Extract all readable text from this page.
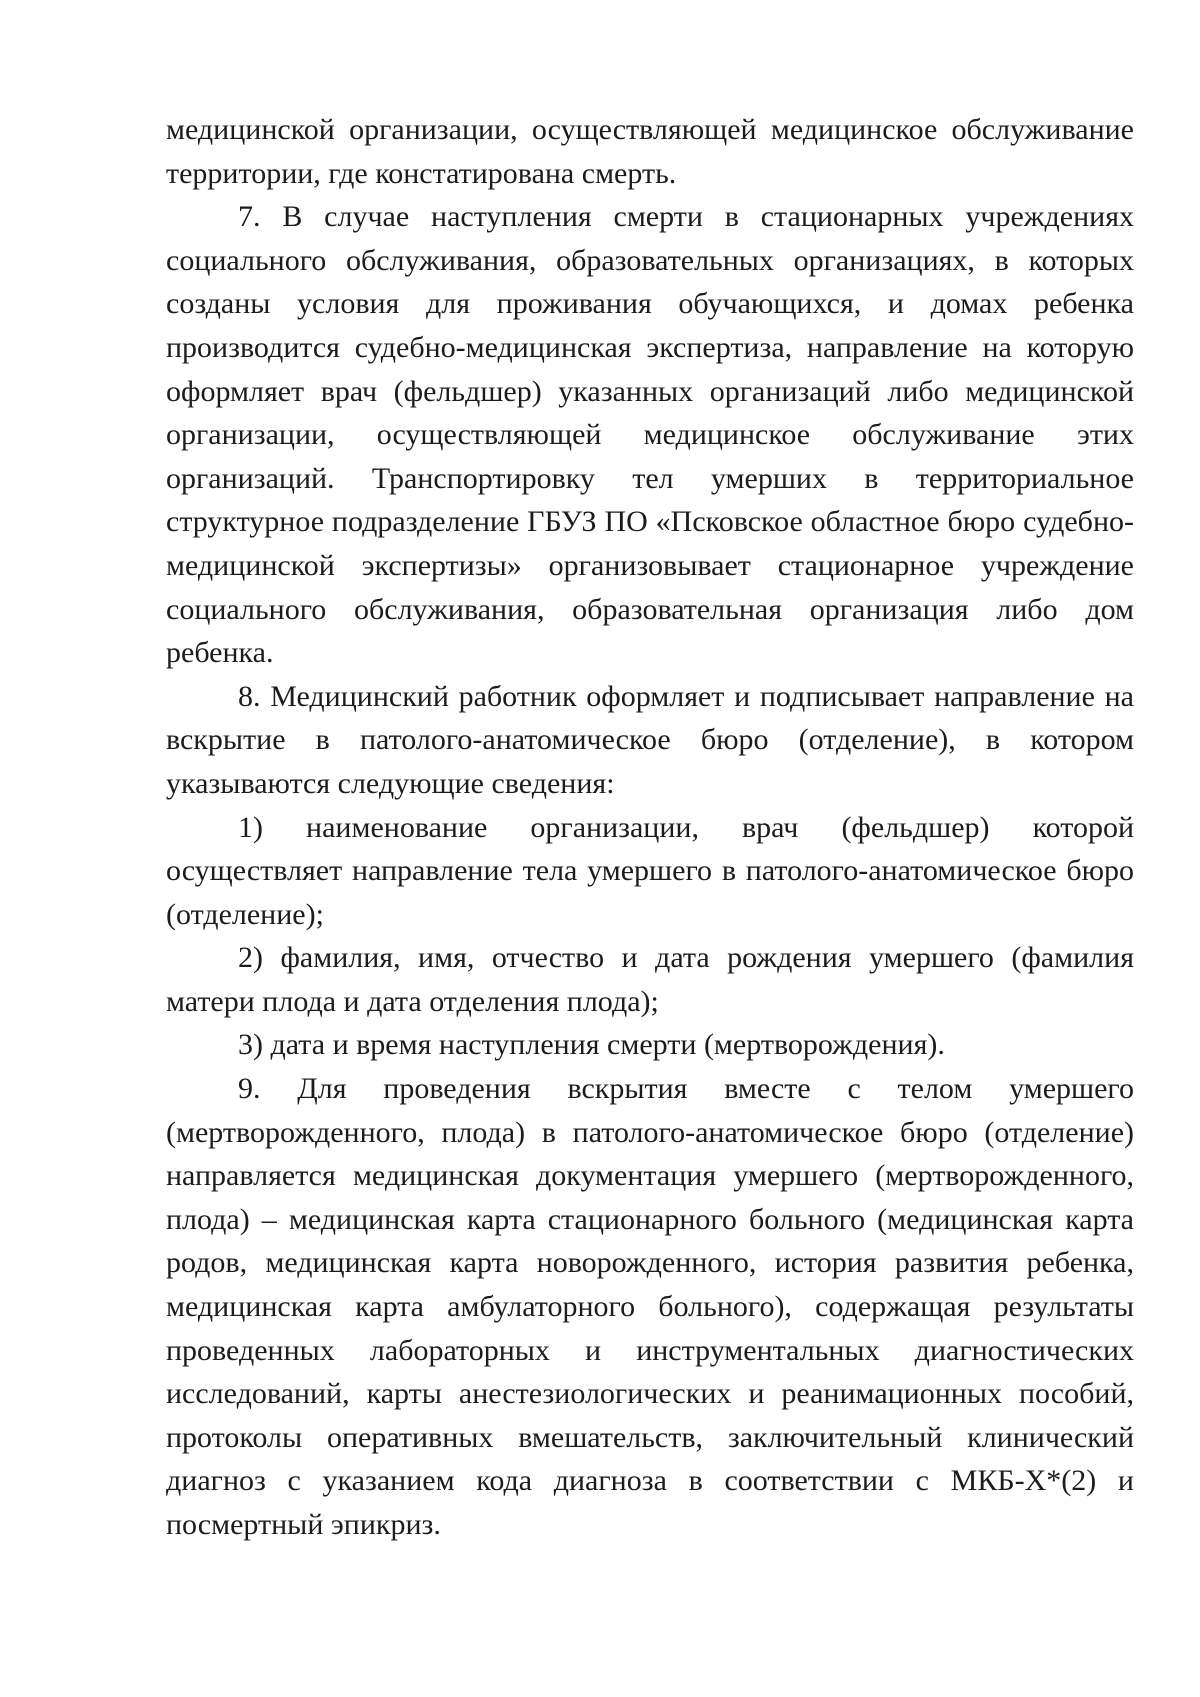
медицинской организации, осуществляющей медицинское обслуживание территории, где констатирована смерть.

7. В случае наступления смерти в стационарных учреждениях социального обслуживания, образовательных организациях, в которых созданы условия для проживания обучающихся, и домах ребенка производится судебно-медицинская экспертиза, направление на которую оформляет врач (фельдшер) указанных организаций либо медицинской организации, осуществляющей медицинское обслуживание этих организаций. Транспортировку тел умерших в территориальное структурное подразделение ГБУЗ ПО «Псковское областное бюро судебно-медицинской экспертизы» организовывает стационарное учреждение социального обслуживания, образовательная организация либо дом ребенка.

8. Медицинский работник оформляет и подписывает направление на вскрытие в патолого-анатомическое бюро (отделение), в котором указываются следующие сведения:

1) наименование организации, врач (фельдшер) которой осуществляет направление тела умершего в патолого-анатомическое бюро (отделение);

2) фамилия, имя, отчество и дата рождения умершего (фамилия матери плода и дата отделения плода);

3) дата и время наступления смерти (мертворождения).

9. Для проведения вскрытия вместе с телом умершего (мертворожденного, плода) в патолого-анатомическое бюро (отделение) направляется медицинская документация умершего (мертворожденного, плода) – медицинская карта стационарного больного (медицинская карта родов, медицинская карта новорожденного, история развития ребенка, медицинская карта амбулаторного больного), содержащая результаты проведенных лабораторных и инструментальных диагностических исследований, карты анестезиологических и реанимационных пособий, протоколы оперативных вмешательств, заключительный клинический диагноз с указанием кода диагноза в соответствии с МКБ-Х*(2) и посмертный эпикриз.
